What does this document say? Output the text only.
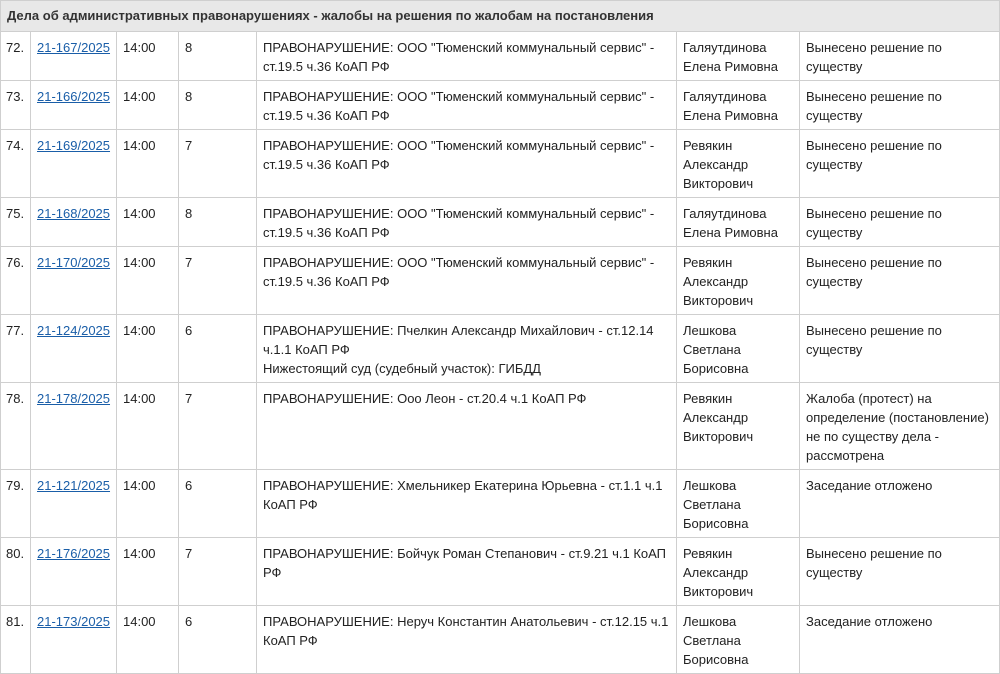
Дела об административных правонарушениях - жалобы на решения по жалобам на постановления						
72.	21-167/2025	14:00	8	ПРАВОНАРУШЕНИЕ: ООО "Тюменский коммунальный сервис" - ст.19.5 ч.36 КоАП РФ	Галяутдинова Елена Римовна	Вынесено решение по существу
73.	21-166/2025	14:00	8	ПРАВОНАРУШЕНИЕ: ООО "Тюменский коммунальный сервис" - ст.19.5 ч.36 КоАП РФ	Галяутдинова Елена Римовна	Вынесено решение по существу
74.	21-169/2025	14:00	7	ПРАВОНАРУШЕНИЕ: ООО "Тюменский коммунальный сервис" - ст.19.5 ч.36 КоАП РФ	Ревякин Александр Викторович	Вынесено решение по существу
75.	21-168/2025	14:00	8	ПРАВОНАРУШЕНИЕ: ООО "Тюменский коммунальный сервис" - ст.19.5 ч.36 КоАП РФ	Галяутдинова Елена Римовна	Вынесено решение по существу
76.	21-170/2025	14:00	7	ПРАВОНАРУШЕНИЕ: ООО "Тюменский коммунальный сервис" - ст.19.5 ч.36 КоАП РФ	Ревякин Александр Викторович	Вынесено решение по существу
77.	21-124/2025	14:00	6	ПРАВОНАРУШЕНИЕ: Пчелкин Александр Михайлович - ст.12.14 ч.1.1 КоАП РФ
Нижестоящий суд (судебный участок): ГИБДД	Лешкова Светлана Борисовна	Вынесено решение по существу
78.	21-178/2025	14:00	7	ПРАВОНАРУШЕНИЕ: Ооо Леон - ст.20.4 ч.1 КоАП РФ	Ревякин Александр Викторович	Жалоба (протест) на определение (постановление) не по существу дела - рассмотрена
79.	21-121/2025	14:00	6	ПРАВОНАРУШЕНИЕ: Хмельникер Екатерина Юрьевна - ст.1.1 ч.1 КоАП РФ	Лешкова Светлана Борисовна	Заседание отложено
80.	21-176/2025	14:00	7	ПРАВОНАРУШЕНИЕ: Бойчук Роман Степанович - ст.9.21 ч.1 КоАП РФ	Ревякин Александр Викторович	Вынесено решение по существу
81.	21-173/2025	14:00	6	ПРАВОНАРУШЕНИЕ: Неруч Константин Анатольевич - ст.12.15 ч.1 КоАП РФ	Лешкова Светлана Борисовна	Заседание отложено
